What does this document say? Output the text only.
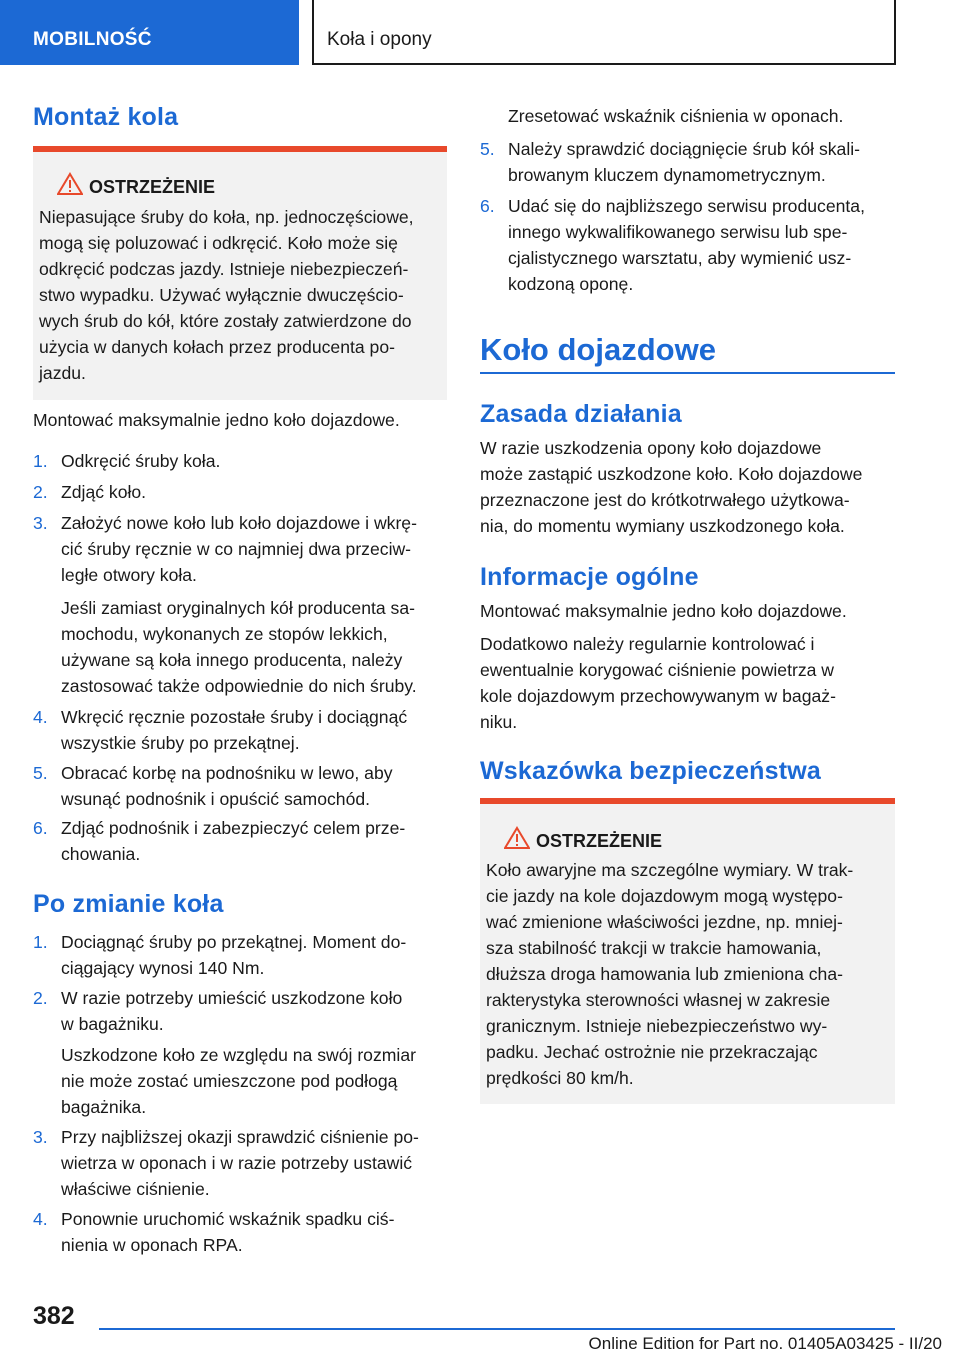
MOBILNOŚĆ	Koła i opony
Montaż kola
OSTRZEŻENIE
Niepasujące śruby do koła, np. jednoczęściowe,
mogą się poluzować i odkręcić. Koło może się
odkręcić podczas jazdy. Istnieje niebezpieczeń-
stwo wypadku. Używać wyłącznie dwuczęścio-
wych śrub do kół, które zostały zatwierdzone do
użycia w danych kołach przez producenta po-
jazdu.
Montować maksymalnie jedno koło dojazdowe.
1. Odkręcić śruby koła.
2. Zdjąć koło.
3. Założyć nowe koło lub koło dojazdowe i wkrę-
cić śruby ręcznie w co najmniej dwa przeciw-
ległe otwory koła.
Jeśli zamiast oryginalnych kół producenta sa-
mochodu, wykonanych ze stopów lekkich,
używane są koła innego producenta, należy
zastosować także odpowiednie do nich śruby.
4. Wkręcić ręcznie pozostałe śruby i dociągnąć
wszystkie śruby po przekątnej.
5. Obracać korbę na podnośniku w lewo, aby
wsunąć podnośnik i opuścić samochód.
6. Zdjąć podnośnik i zabezpieczyć celem prze-
chowania.
Po zmianie koła
1. Dociągnąć śruby po przekątnej. Moment do-
ciągający wynosi 140 Nm.
2. W razie potrzeby umieścić uszkodzone koło
w bagażniku.
Uszkodzone koło ze względu na swój rozmiar
nie może zostać umieszczone pod podłogą
bagażnika.
3. Przy najbliższej okazji sprawdzić ciśnienie po-
wietrza w oponach i w razie potrzeby ustawić
właściwe ciśnienie.
4. Ponownie uruchomić wskaźnik spadku ciś-
nienia w oponach RPA.
Zresetować wskaźnik ciśnienia w oponach.
5. Należy sprawdzić dociągnięcie śrub kół skali-
browanym kluczem dynamometrycznym.
6. Udać się do najbliższego serwisu producenta,
innego wykwalifikowanego serwisu lub spe-
cjalistycznego warsztatu, aby wymienić usz-
kodzoną oponę.
Koło dojazdowe
Zasada działania
W razie uszkodzenia opony koło dojazdowe
może zastąpić uszkodzone koło. Koło dojazdowe
przeznaczone jest do krótkotrwałego użytkowa-
nia, do momentu wymiany uszkodzonego koła.
Informacje ogólne
Montować maksymalnie jedno koło dojazdowe.
Dodatkowo należy regularnie kontrolować i
ewentualnie korygować ciśnienie powietrza w
kole dojazdowym przechowywanym w bagaż-
niku.
Wskazówka bezpieczeństwa
OSTRZEŻENIE
Koło awaryjne ma szczególne wymiary. W trak-
cie jazdy na kole dojazdowym mogą występo-
wać zmienione właściwości jezdne, np. mniej-
sza stabilność trakcji w trakcie hamowania,
dłuższa droga hamowania lub zmieniona cha-
rakterystyka sterowności własnej w zakresie
granicznym. Istnieje niebezpieczeństwo wy-
padku. Jechać ostrożnie nie przekraczając
prędkości 80 km/h.
382
Online Edition for Part no. 01405A03425 - II/20
